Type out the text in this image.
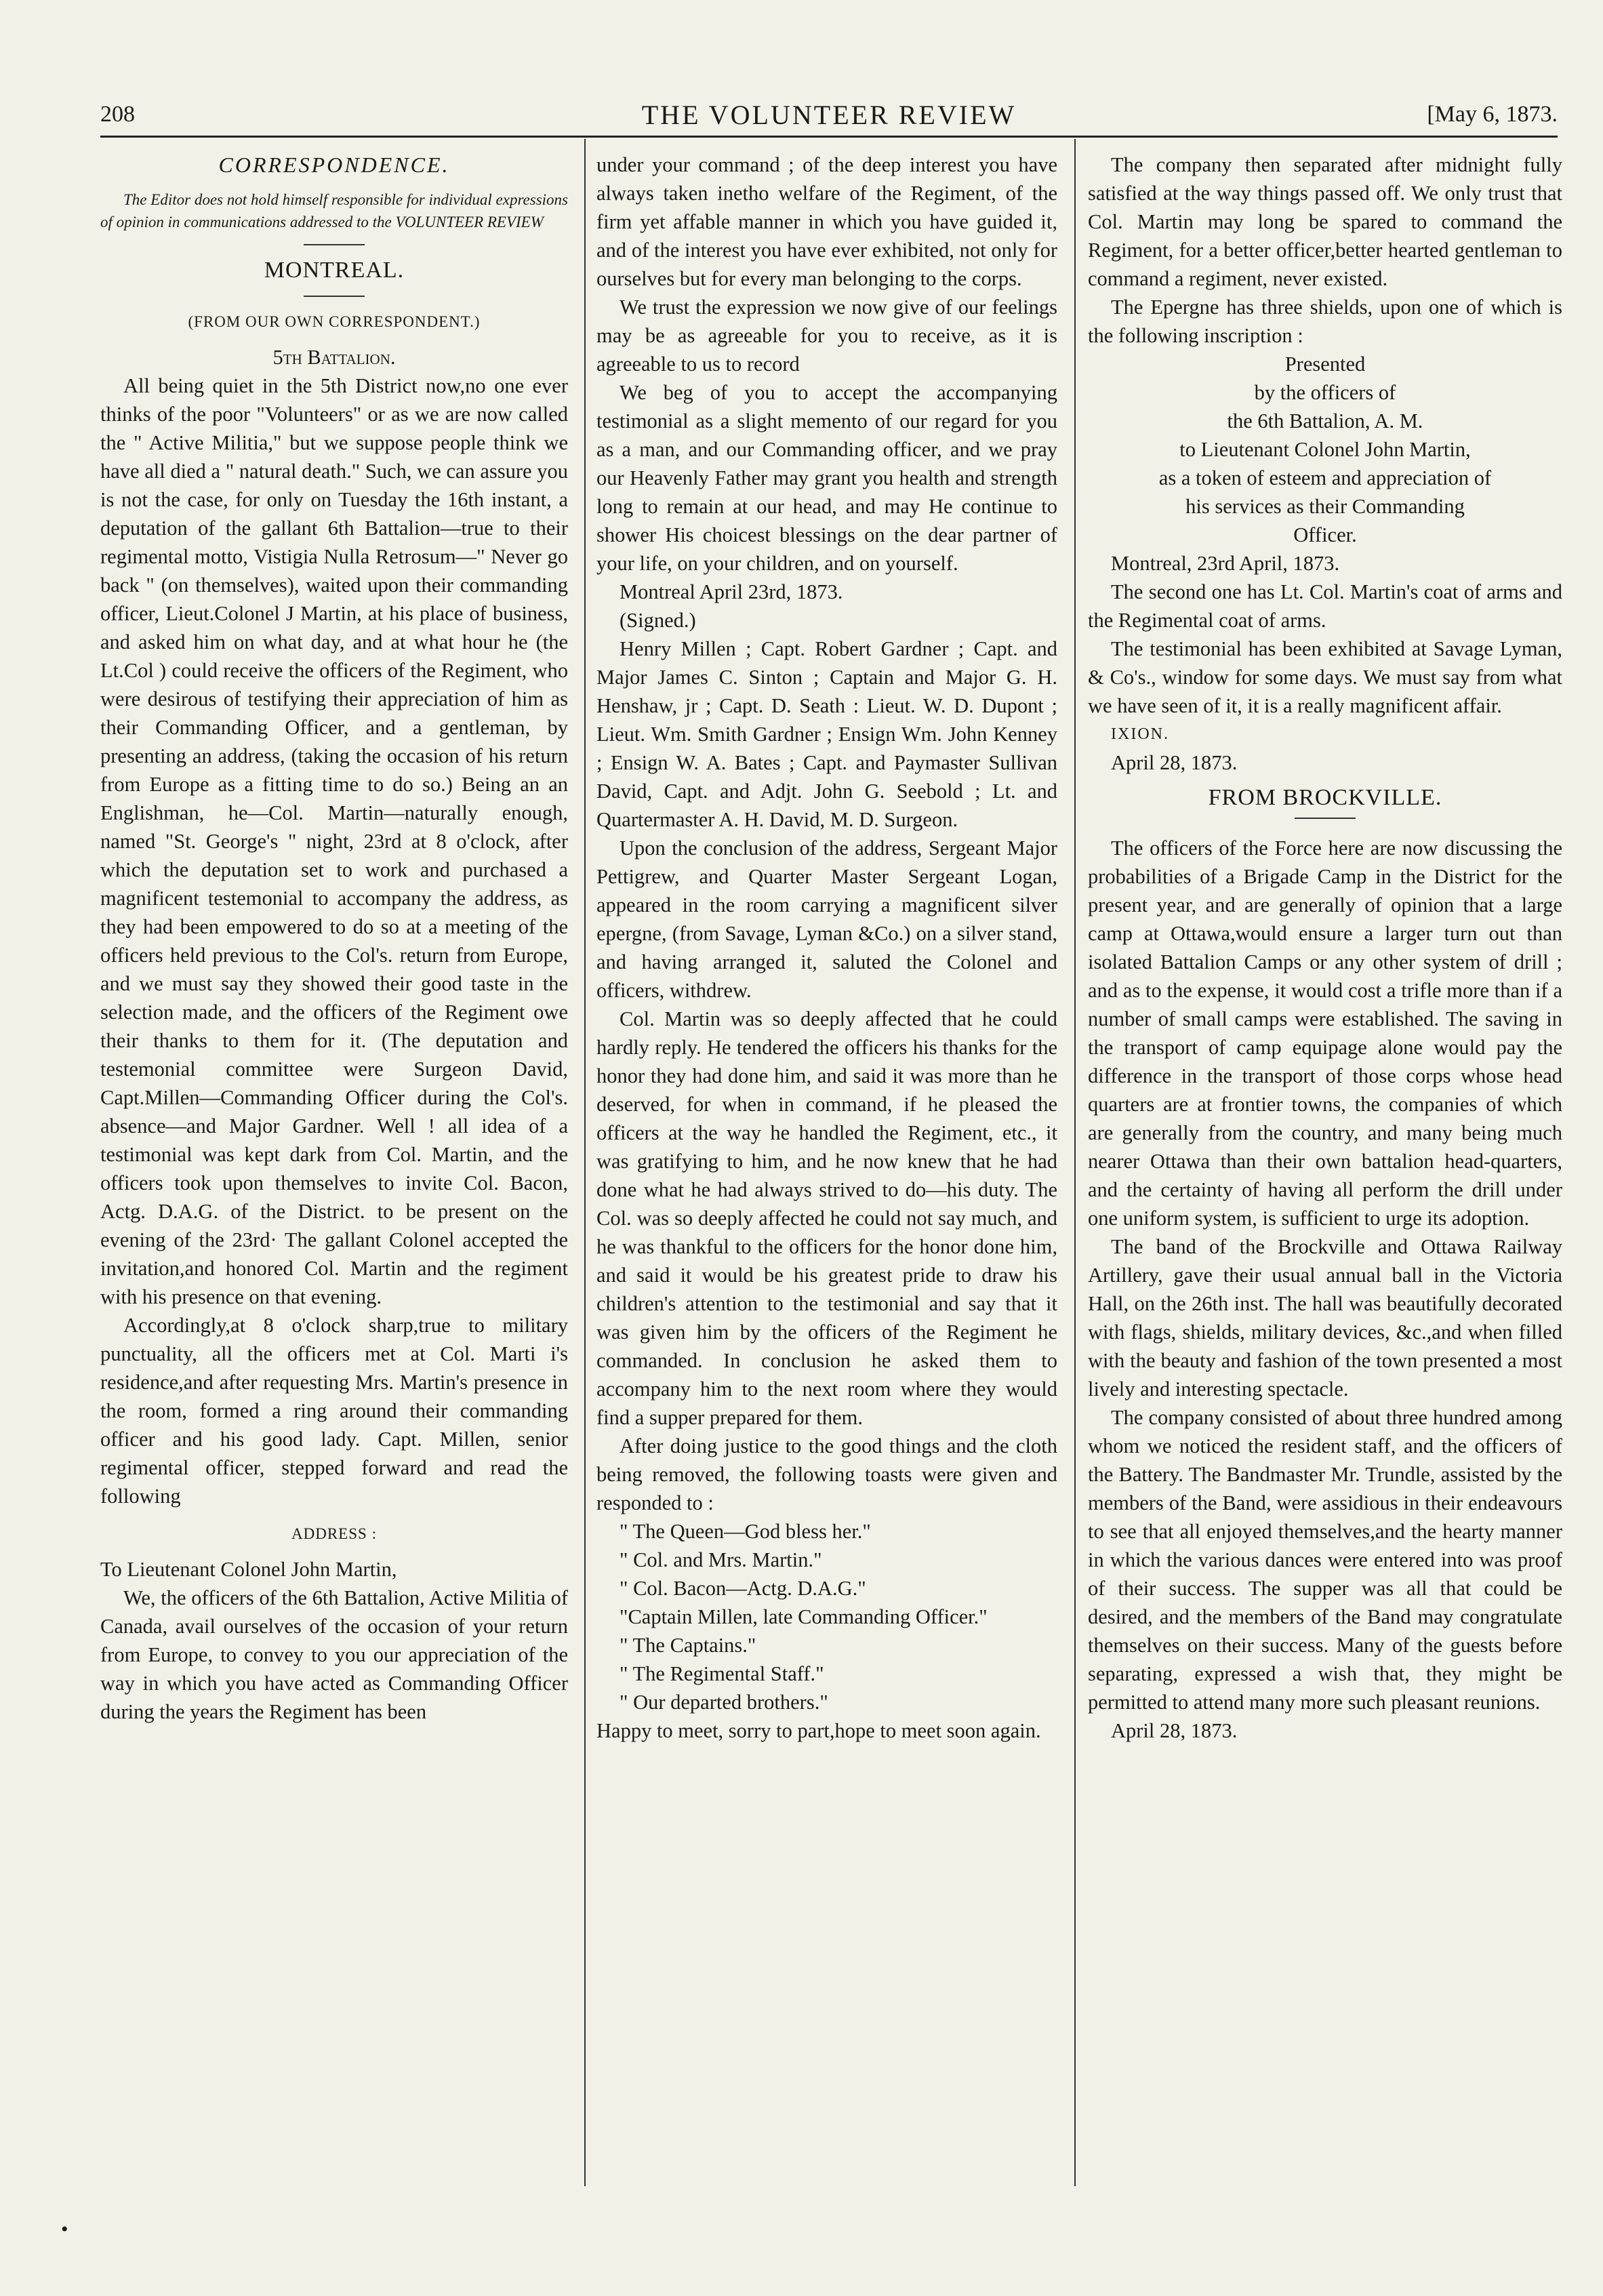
208	THE VOLUNTEER REVIEW	[May 6, 1873.
CORRESPONDENCE.

The Editor does not hold himself responsible for individual expressions of opinion in communications addressed to the VOLUNTEER REVIEW

MONTREAL.
(FROM OUR OWN CORRESPONDENT.)

5th Battalion.

All being quiet in the 5th District now,no one ever thinks of the poor "Volunteers" or as we are now called the " Active Militia," but we suppose people think we have all died a " natural death." Such, we can assure you is not the case, for only on Tuesday the 16th instant, a deputation of the gallant 6th Battalion—true to their regimental motto, Vistigia Nulla Retrosum—" Never go back " (on themselves), waited upon their commanding officer, Lieut.Colonel J Martin, at his place of business, and asked him on what day, and at what hour he (the Lt.Col ) could receive the officers of the Regiment, who were desirous of testifying their appreciation of him as their Commanding Officer, and a gentleman, by presenting an address, (taking the occasion of his return from Europe as a fitting time to do so.) Being an an Englishman, he—Col. Martin—naturally enough, named "St. George's " night, 23rd at 8 o'clock, after which the deputation set to work and purchased a magnificent testemonial to accompany the address, as they had been empowered to do so at a meeting of the officers held previous to the Col's. return from Europe, and we must say they showed their good taste in the selection made, and the officers of the Regiment owe their thanks to them for it. (The deputation and testemonial committee were Surgeon David, Capt.Millen—Commanding Officer during the Col's. absence—and Major Gardner. Well ! all idea of a testimonial was kept dark from Col. Martin, and the officers took upon themselves to invite Col. Bacon, Actg. D.A.G. of the District. to be present on the evening of the 23rd· The gallant Colonel accepted the invitation,and honored Col. Martin and the regiment with his presence on that evening.

Accordingly,at 8 o'clock sharp,true to military punctuality, all the officers met at Col. Marti i's residence,and after requesting Mrs. Martin's presence in the room, formed a ring around their commanding officer and his good lady. Capt. Millen, senior regimental officer, stepped forward and read the following

ADDRESS :

To Lieutenant Colonel John Martin,

We, the officers of the 6th Battalion, Active Militia of Canada, avail ourselves of the occasion of your return from Europe, to convey to you our appreciation of the way in which you have acted as Commanding Officer during the years the Regiment has been

under your command ; of the deep interest you have always taken inetho welfare of the Regiment, of the firm yet affable manner in which you have guided it, and of the interest you have ever exhibited, not only for ourselves but for every man belonging to the corps.

We trust the expression we now give of our feelings may be as agreeable for you to receive, as it is agreeable to us to record

We beg of you to accept the accompanying testimonial as a slight memento of our regard for you as a man, and our Commanding officer, and we pray our Heavenly Father may grant you health and strength long to remain at our head, and may He continue to shower His choicest blessings on the dear partner of your life, on your children, and on yourself.

Montreal April 23rd, 1873.

(Signed.)

Henry Millen ; Capt. Robert Gardner ; Capt. and Major James C. Sinton ; Captain and Major G. H. Henshaw, jr ; Capt. D. Seath : Lieut. W. D. Dupont ; Lieut. Wm. Smith Gardner ; Ensign Wm. John Kenney ; Ensign W. A. Bates ; Capt. and Paymaster Sullivan David, Capt. and Adjt. John G. Seebold ; Lt. and Quartermaster A. H. David, M. D. Surgeon.

Upon the conclusion of the address, Sergeant Major Pettigrew, and Quarter Master Sergeant Logan, appeared in the room carrying a magnificent silver epergne, (from Savage, Lyman &Co.) on a silver stand, and having arranged it, saluted the Colonel and officers, withdrew.

Col. Martin was so deeply affected that he could hardly reply. He tendered the officers his thanks for the honor they had done him, and said it was more than he deserved, for when in command, if he pleased the officers at the way he handled the Regiment, etc., it was gratifying to him, and he now knew that he had done what he had always strived to do—his duty. The Col. was so deeply affected he could not say much, and he was thankful to the officers for the honor done him, and said it would be his greatest pride to draw his children's attention to the testimonial and say that it was given him by the officers of the Regiment he commanded. In conclusion he asked them to accompany him to the next room where they would find a supper prepared for them.

After doing justice to the good things and the cloth being removed, the following toasts were given and responded to :

" The Queen—God bless her."

" Col. and Mrs. Martin."

" Col. Bacon—Actg. D.A.G."

"Captain Millen, late Commanding Officer."

" The Captains."

" The Regimental Staff."

" Our departed brothers."

Happy to meet, sorry to part,hope to meet soon again.

The company then separated after midnight fully satisfied at the way things passed off. We only trust that Col. Martin may long be spared to command the Regiment, for a better officer,better hearted gentleman to command a regiment, never existed.

The Epergne has three shields, upon one of which is the following inscription :

Presented
by the officers of
the 6th Battalion, A. M.
to Lieutenant Colonel John Martin,
as a token of esteem and appreciation of
his services as their Commanding
Officer.

Montreal, 23rd April, 1873.

The second one has Lt. Col. Martin's coat of arms and the Regimental coat of arms.

The testimonial has been exhibited at Savage Lyman, & Co's., window for some days. We must say from what we have seen of it, it is a really magnificent affair.

IXION.

April 28, 1873.

FROM BROCKVILLE.

The officers of the Force here are now discussing the probabilities of a Brigade Camp in the District for the present year, and are generally of opinion that a large camp at Ottawa,would ensure a larger turn out than isolated Battalion Camps or any other system of drill ; and as to the expense, it would cost a trifle more than if a number of small camps were established. The saving in the transport of camp equipage alone would pay the difference in the transport of those corps whose head quarters are at frontier towns, the companies of which are generally from the country, and many being much nearer Ottawa than their own battalion head-quarters, and the certainty of having all perform the drill under one uniform system, is sufficient to urge its adoption.

The band of the Brockville and Ottawa Railway Artillery, gave their usual annual ball in the Victoria Hall, on the 26th inst. The hall was beautifully decorated with flags, shields, military devices, &c.,and when filled with the beauty and fashion of the town presented a most lively and interesting spectacle.

The company consisted of about three hundred among whom we noticed the resident staff, and the officers of the Battery. The Bandmaster Mr. Trundle, assisted by the members of the Band, were assidious in their endeavours to see that all enjoyed themselves,and the hearty manner in which the various dances were entered into was proof of their success. The supper was all that could be desired, and the members of the Band may congratulate themselves on their success. Many of the guests before separating, expressed a wish that, they might be permitted to attend many more such pleasant reunions.

April 28, 1873.

•
